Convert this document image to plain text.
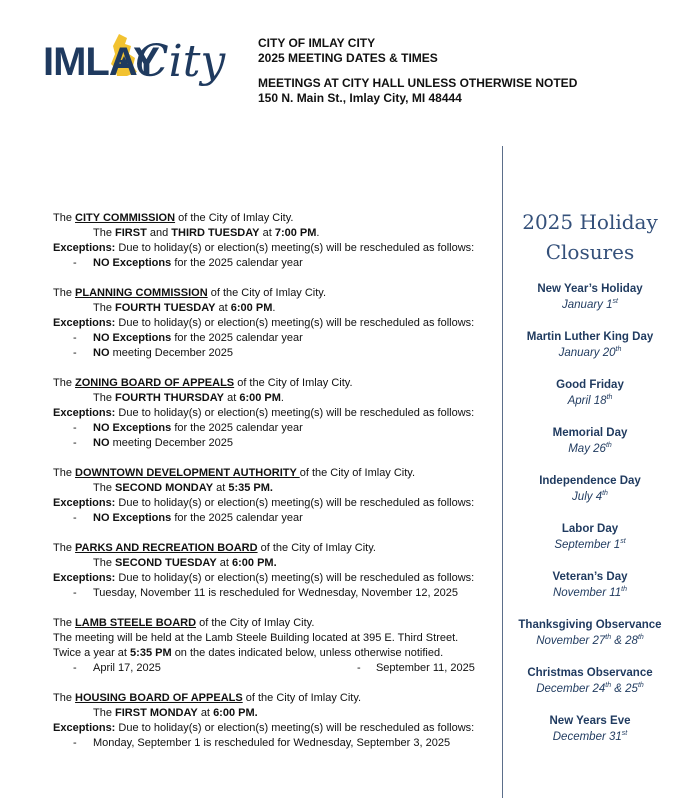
IMLAY
City	CITY OF IMLAY CITY
2025 MEETING DATES & TIMES
MEETINGS AT CITY HALL UNLESS OTHERWISE NOTED
150 N. Main St., Imlay City, MI 48444
The CITY COMMISSION of the City of Imlay City.
The FIRST and THIRD TUESDAY at 7:00 PM.
Exceptions: Due to holiday(s) or election(s) meeting(s) will be rescheduled as follows:
- NO Exceptions for the 2025 calendar year
The PLANNING COMMISSION of the City of Imlay City.
The FOURTH TUESDAY at 6:00 PM.
Exceptions: Due to holiday(s) or election(s) meeting(s) will be rescheduled as follows:
- NO Exceptions for the 2025 calendar year
- NO meeting December 2025
The ZONING BOARD OF APPEALS of the City of Imlay City.
The FOURTH THURSDAY at 6:00 PM.
Exceptions: Due to holiday(s) or election(s) meeting(s) will be rescheduled as follows:
- NO Exceptions for the 2025 calendar year
- NO meeting December 2025
The DOWNTOWN DEVELOPMENT AUTHORITY of the City of Imlay City.
The SECOND MONDAY at 5:35 PM.
Exceptions: Due to holiday(s) or election(s) meeting(s) will be rescheduled as follows:
- NO Exceptions for the 2025 calendar year
The PARKS AND RECREATION BOARD of the City of Imlay City.
The SECOND TUESDAY at 6:00 PM.
Exceptions: Due to holiday(s) or election(s) meeting(s) will be rescheduled as follows:
- Tuesday, November 11 is rescheduled for Wednesday, November 12, 2025
The LAMB STEELE BOARD of the City of Imlay City.
The meeting will be held at the Lamb Steele Building located at 395 E. Third Street.
Twice a year at 5:35 PM on the dates indicated below, unless otherwise notified.
- April 17, 2025	- September 11, 2025
The HOUSING BOARD OF APPEALS of the City of Imlay City.
The FIRST MONDAY at 6:00 PM.
Exceptions: Due to holiday(s) or election(s) meeting(s) will be rescheduled as follows:
- Monday, September 1 is rescheduled for Wednesday, September 3, 2025
2025 Holiday
Closures
New Year’s Holiday
January 1st
Martin Luther King Day
January 20th
Good Friday
April 18th
Memorial Day
May 26th
Independence Day
July 4th
Labor Day
September 1st
Veteran’s Day
November 11th
Thanksgiving Observance
November 27th & 28th
Christmas Observance
December 24th & 25th
New Years Eve
December 31st
